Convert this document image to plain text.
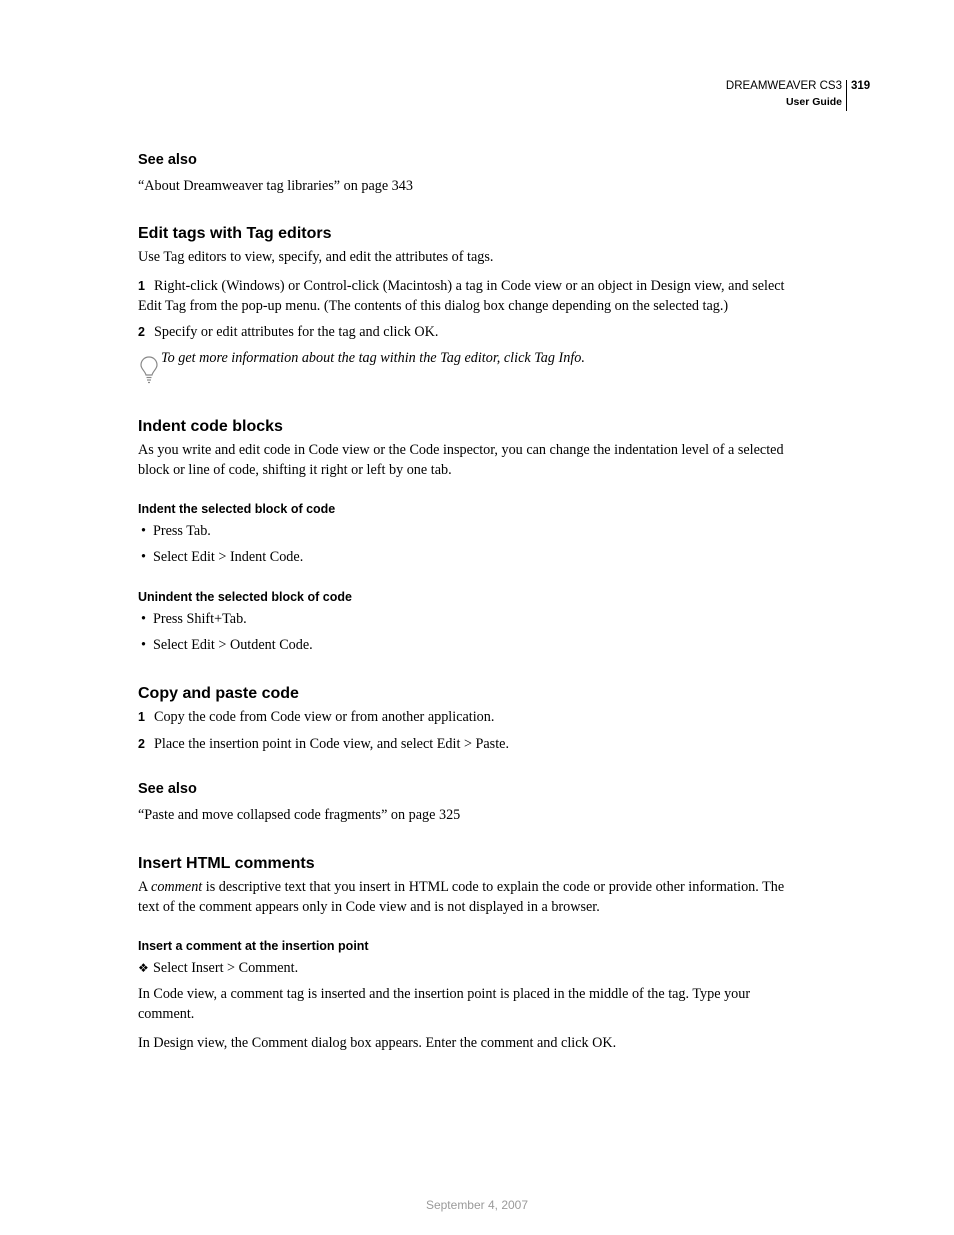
DREAMWEAVER CS3
User Guide
319
See also
“About Dreamweaver tag libraries” on page 343
Edit tags with Tag editors
Use Tag editors to view, specify, and edit the attributes of tags.
1 Right-click (Windows) or Control-click (Macintosh) a tag in Code view or an object in Design view, and select
Edit Tag from the pop-up menu. (The contents of this dialog box change depending on the selected tag.)
2 Specify or edit attributes for the tag and click OK.
To get more information about the tag within the Tag editor, click Tag Info.
Indent code blocks
As you write and edit code in Code view or the Code inspector, you can change the indentation level of a selected
block or line of code, shifting it right or left by one tab.
Indent the selected block of code
• Press Tab.
• Select Edit > Indent Code.
Unindent the selected block of code
• Press Shift+Tab.
• Select Edit > Outdent Code.
Copy and paste code
1 Copy the code from Code view or from another application.
2 Place the insertion point in Code view, and select Edit > Paste.
See also
“Paste and move collapsed code fragments” on page 325
Insert HTML comments
A comment is descriptive text that you insert in HTML code to explain the code or provide other information. The
text of the comment appears only in Code view and is not displayed in a browser.
Insert a comment at the insertion point
❖ Select Insert > Comment.
In Code view, a comment tag is inserted and the insertion point is placed in the middle of the tag. Type your
comment.
In Design view, the Comment dialog box appears. Enter the comment and click OK.
September 4, 2007
